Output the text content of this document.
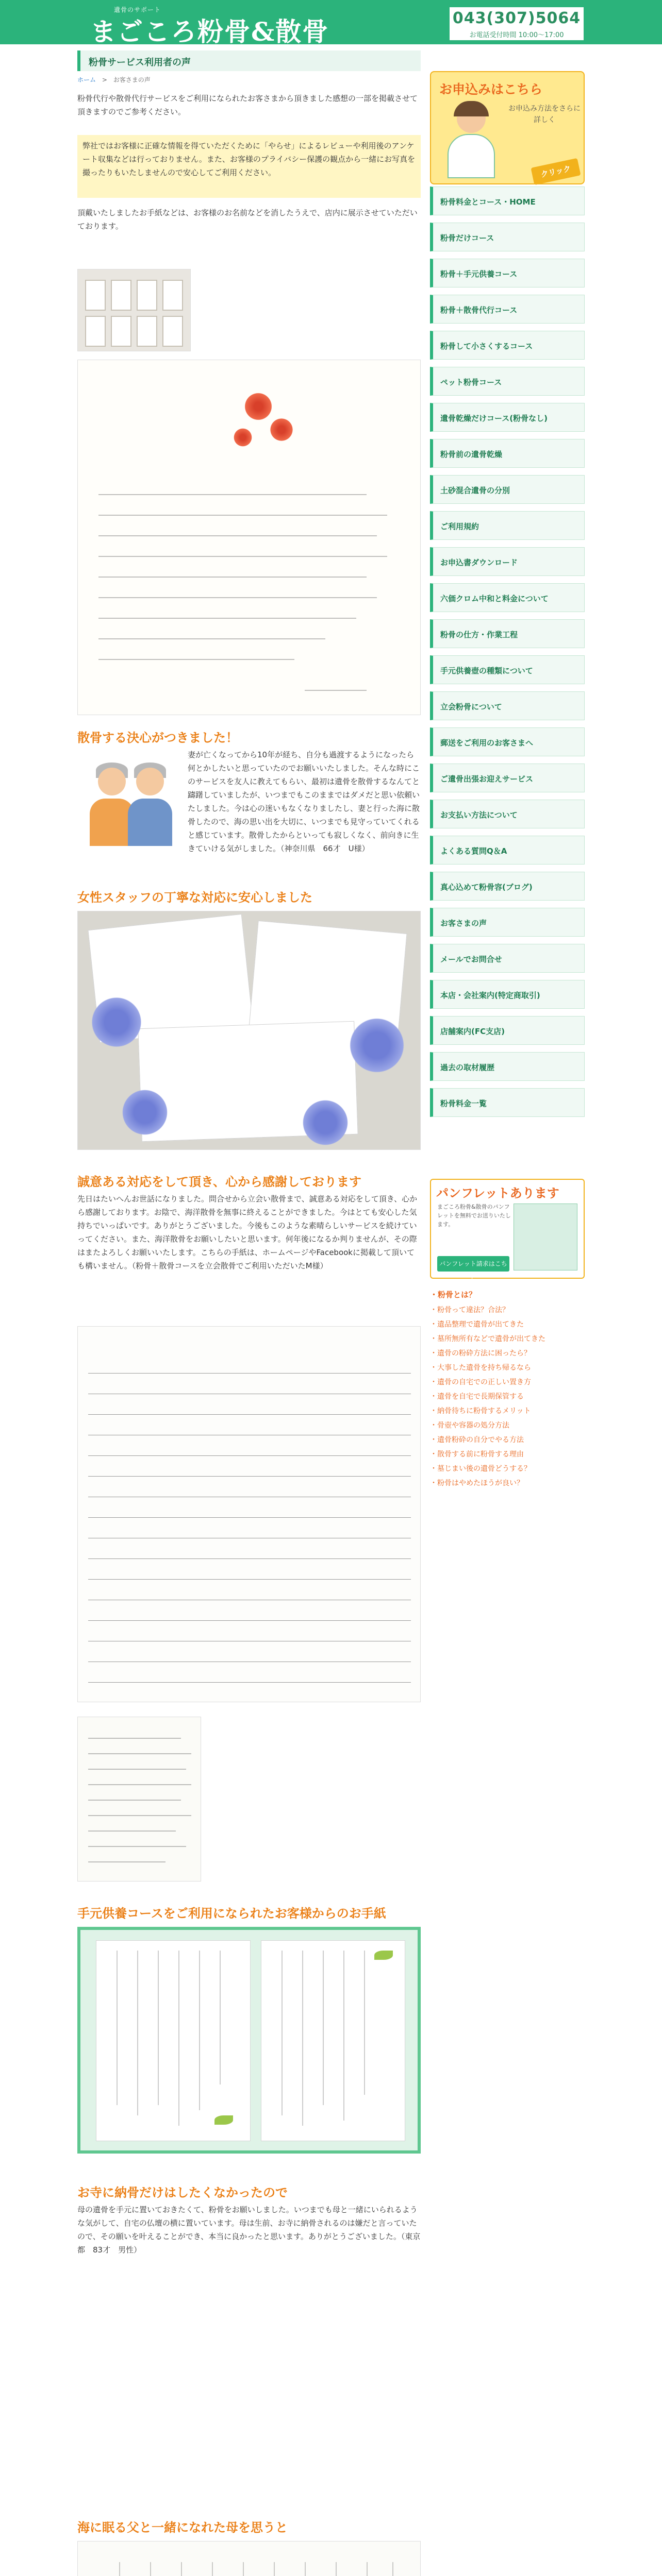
遺骨のサポート
まごころ粉骨&散骨	043(307)5064
お電話受付時間 10:00〜17:00
粉骨サービス利用者の声
ホーム > お客さまの声

粉骨代行や散骨代行サービスをご利用になられたお客さまから頂きました感想の一部を掲載させて頂きますのでご参考ください。

弊社ではお客様に正確な情報を得ていただくために「やらせ」によるレビューや利用後のアンケート収集などは行っておりません。また、お客様のプライバシー保護の観点から一緒にお写真を撮ったりもいたしませんので安心してご利用ください。

頂戴いたしましたお手紙などは、お客様のお名前などを消したうえで、店内に展示させていただいております。

散骨する決心がつきました！

妻が亡くなってから10年が経ち、自分も過渡するようになったら何とかしたいと思っていたのでお願いいたしました。そんな時にこのサービスを友人に教えてもらい、最初は遺骨を散骨するなんてと躊躇していましたが、いつまでもこのままではダメだと思い依頼いたしました。今は心の迷いもなくなりましたし、妻と行った海に散骨したので、海の思い出を大切に、いつまでも見守っていてくれると感じています。散骨したからといっても寂しくなく、前向きに生きていける気がしました。（神奈川県　66才　U様）

女性スタッフの丁寧な対応に安心しました
誠意ある対応をして頂き、心から感謝しております

先日はたいへんお世話になりました。問合せから立会い散骨まで、誠意ある対応をして頂き、心から感謝しております。お陰で、海洋散骨を無事に終えることができました。今はとても安心した気持ちでいっぱいです。ありがとうございました。今後もこのような素晴らしいサービスを続けていってください。また、海洋散骨をお願いしたいと思います。何年後になるか判りませんが、その際はまたよろしくお願いいたします。こちらの手紙は、ホームページやFacebookに掲載して頂いても構いません。（粉骨＋散骨コースを立会散骨でご利用いただいたM様）

手元供養コースをご利用になられたお客様からのお手紙
お寺に納骨だけはしたくなかったので

母の遺骨を手元に置いておきたくて、粉骨をお願いしました。いつまでも母と一緒にいられるような気がして、自宅の仏壇の横に置いています。母は生前、お寺に納骨されるのは嫌だと言っていたので、その願いを叶えることができ、本当に良かったと思います。ありがとうございました。（東京都　83才　男性）

海に眠る父と一緒になれた母を思うと
お申込みはこちら
お申込み方法をさらに詳しく
クリック
粉骨料金とコース・HOME
粉骨だけコース
粉骨＋手元供養コース
粉骨＋散骨代行コース
粉骨して小さくするコース
ペット粉骨コース
遺骨乾燥だけコース(粉骨なし)
粉骨前の遺骨乾燥
土砂混合遺骨の分別
ご利用規約
お申込書ダウンロード
六価クロム中和と料金について
粉骨の仕方・作業工程
手元供養壺の種類について
立会粉骨について
郵送をご利用のお客さまへ
ご遺骨出張お迎えサービス
お支払い方法について
よくある質問Q＆A
真心込めて粉骨容(ブログ)
お客さまの声
メールでお問合せ
本店・会社案内(特定商取引)
店舗案内(FC支店)
過去の取材履歴
粉骨料金一覧
パンフレットあります

まごころ粉骨&散骨のパンフレットを無料でお送りいたします。

パンフレット請求はこちら
・粉骨とは？
・粉骨って違法？合法？
・遺品整理で遺骨が出てきた
・墓所無所有などで遺骨が出てきた
・遺骨の粉砕方法に困ったら？
・大事した遺骨を持ち帰るなら
・遺骨の自宅での正しい置き方
・遺骨を自宅で長期保管する
・納骨待ちに粉骨するメリット
・骨壺や容器の処分方法
・遺骨粉砕の自分でやる方法
・散骨する前に粉骨する理由
・墓じまい後の遺骨どうする？
・粉骨はやめたほうが良い？
